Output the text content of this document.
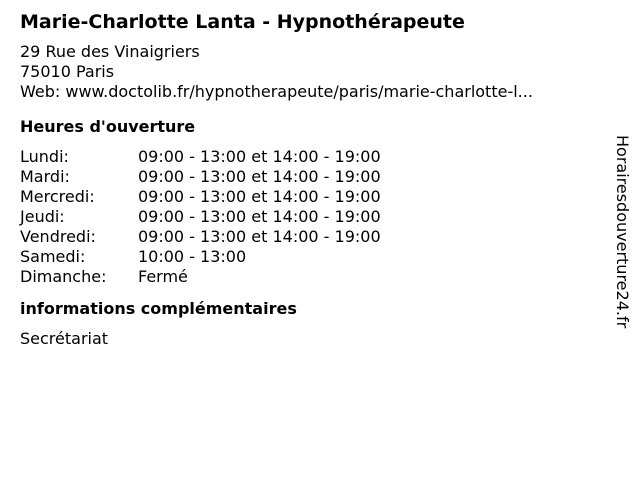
Marie-Charlotte Lanta - Hypnothérapeute
29 Rue des Vinaigriers
75010 Paris
Web: www.doctolib.fr/hypnotherapeute/paris/marie-charlotte-l...
Heures d'ouverture
Lundi:	09:00 - 13:00 et 14:00 - 19:00
Mardi:	09:00 - 13:00 et 14:00 - 19:00
Mercredi:	09:00 - 13:00 et 14:00 - 19:00
Jeudi:	09:00 - 13:00 et 14:00 - 19:00
Vendredi:	09:00 - 13:00 et 14:00 - 19:00
Samedi:	10:00 - 13:00
Dimanche:	Fermé
informations complémentaires
Secrétariat
Horairesdouverture24.fr
